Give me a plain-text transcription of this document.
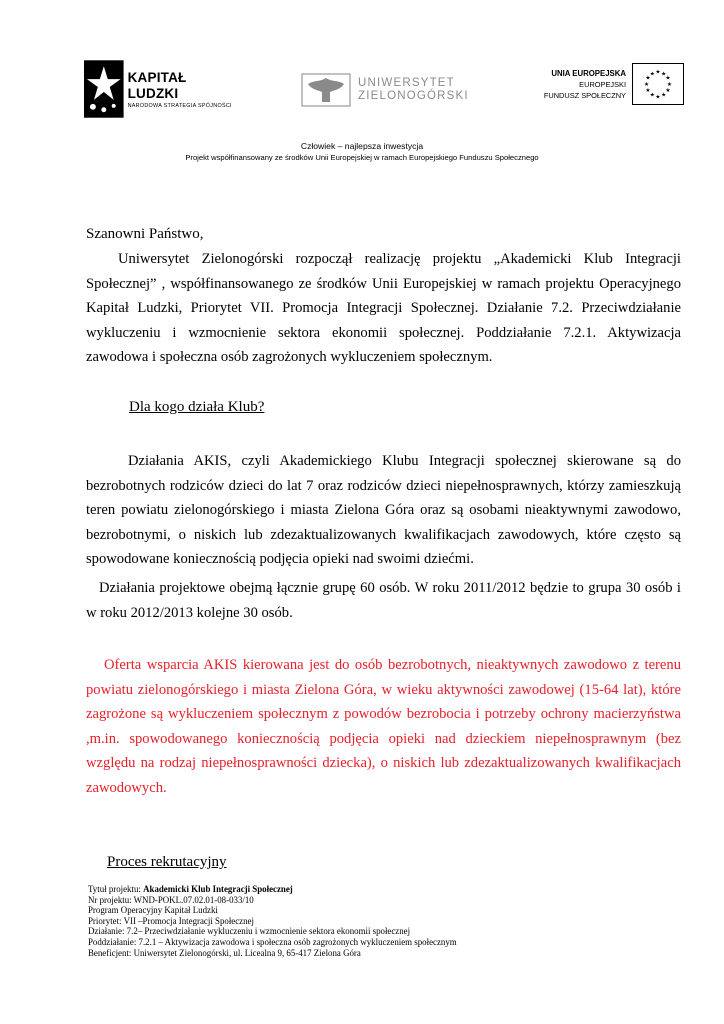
KAPITAŁ LUDZKI
NARODOWA STRATEGIA SPÓJNOŚCI
UNIWERSYTET
ZIELONOGÓRSKI
UNIA EUROPEJSKA
EUROPEJSKI
FUNDUSZ SPOŁECZNY
★ ★
★
★
★
★
★
★
★
★
★
★
Człowiek – najlepsza inwestycja
Projekt współfinansowany ze środków Unii Europejskiej w ramach Europejskiego Funduszu Społecznego
Szanowni Państwo,
Uniwersytet Zielonogórski rozpoczął realizację projektu „Akademicki Klub Integracji Społecznej” , współfinansowanego ze środków Unii Europejskiej w ramach projektu Operacyjnego Kapitał Ludzki, Priorytet VII. Promocja Integracji Społecznej. Działanie 7.2. Przeciwdziałanie wykluczeniu i wzmocnienie sektora ekonomii społecznej. Poddziałanie 7.2.1. Aktywizacja zawodowa i społeczna osób zagrożonych wykluczeniem społecznym.
Dla kogo działa Klub?
Działania AKIS, czyli Akademickiego Klubu Integracji społecznej skierowane są do bezrobotnych rodziców dzieci do lat 7 oraz rodziców dzieci niepełnosprawnych, którzy zamieszkują teren powiatu zielonogórskiego i miasta Zielona Góra oraz są osobami nieaktywnymi zawodowo, bezrobotnymi, o niskich lub zdezaktualizowanych kwalifikacjach zawodowych, które często są spowodowane koniecznością podjęcia opieki nad swoimi dziećmi.
Działania projektowe obejmą łącznie grupę 60 osób. W roku 2011/2012 będzie to grupa 30 osób i w roku 2012/2013 kolejne 30 osób.
Oferta wsparcia AKIS kierowana jest do osób bezrobotnych, nieaktywnych zawodowo z terenu powiatu zielonogórskiego i miasta Zielona Góra, w wieku aktywności zawodowej (15-64 lat), które zagrożone są wykluczeniem społecznym z powodów bezrobocia i potrzeby ochrony macierzyństwa ,m.in. spowodowanego koniecznością podjęcia opieki nad dzieckiem niepełnosprawnym (bez względu na rodzaj niepełnosprawności dziecka), o niskich lub zdezaktualizowanych kwalifikacjach zawodowych.
Proces rekrutacyjny
Tytuł projektu: Akademicki Klub Integracji Społecznej
Nr projektu: WND-POKL.07.02.01-08-033/10
Program Operacyjny Kapitał Ludzki
Priorytet: VII –Promocja Integracji Społecznej
Działanie: 7.2– Przeciwdziałanie wykluczeniu i wzmocnienie sektora ekonomii społecznej
Poddziałanie: 7.2.1 – Aktywizacja zawodowa i społeczna osób zagrożonych wykluczeniem społecznym
Beneficjent: Uniwersytet Zielonogórski, ul. Licealna 9, 65-417 Zielona Góra
